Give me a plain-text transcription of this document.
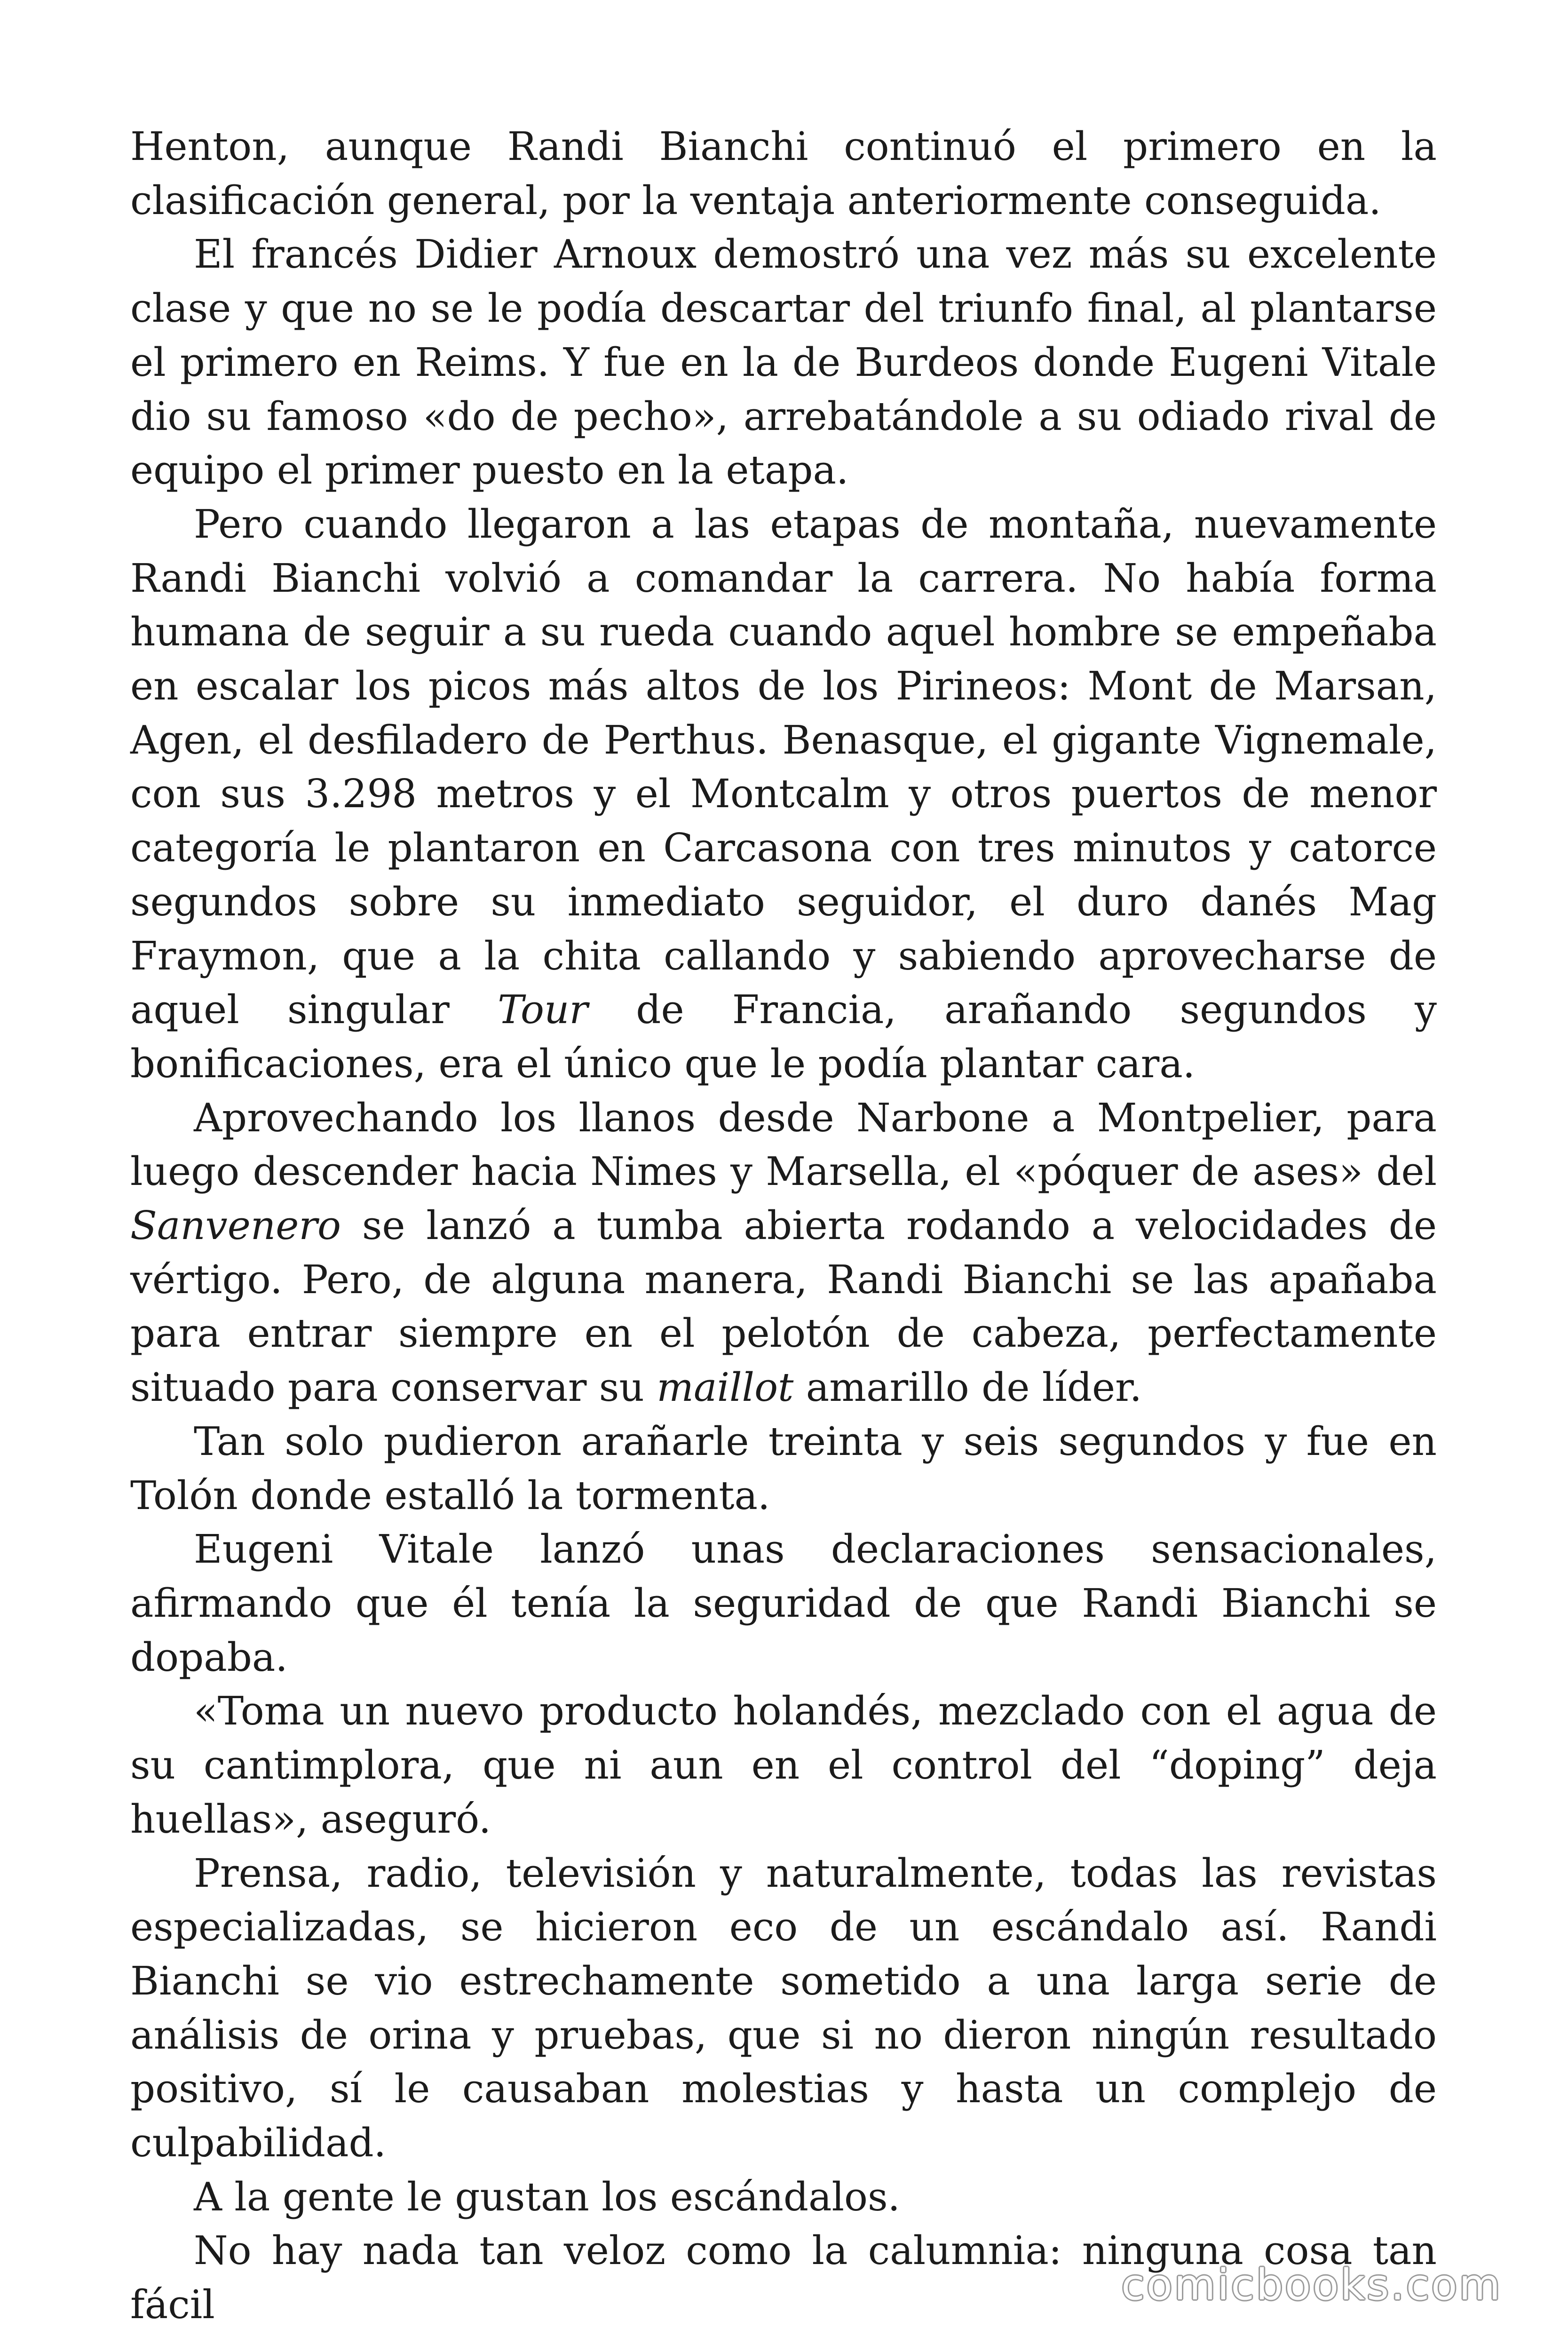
Henton, aunque Randi Bianchi continuó el primero en la clasificación general, por la ventaja anteriormente conseguida.

El francés Didier Arnoux demostró una vez más su excelente clase y que no se le podía descartar del triunfo final, al plantarse el primero en Reims. Y fue en la de Burdeos donde Eugeni Vitale dio su famoso «do de pecho», arrebatándole a su odiado rival de equipo el primer puesto en la etapa.

Pero cuando llegaron a las etapas de montaña, nuevamente Randi Bianchi volvió a comandar la carrera. No había forma humana de seguir a su rueda cuando aquel hombre se empeñaba en escalar los picos más altos de los Pirineos: Mont de Marsan, Agen, el desfiladero de Perthus. Benasque, el gigante Vignemale, con sus 3.298 metros y el Montcalm y otros puertos de menor categoría le plantaron en Carcasona con tres minutos y catorce segundos sobre su inmediato seguidor, el duro danés Mag Fraymon, que a la chita callando y sabiendo aprovecharse de aquel singular Tour de Francia, arañando segundos y bonificaciones, era el único que le podía plantar cara.

Aprovechando los llanos desde Narbone a Montpelier, para luego descender hacia Nimes y Marsella, el «póquer de ases» del Sanvenero se lanzó a tumba abierta rodando a velocidades de vértigo. Pero, de alguna manera, Randi Bianchi se las apañaba para entrar siempre en el pelotón de cabeza, perfectamente situado para conservar su maillot amarillo de líder.

Tan solo pudieron arañarle treinta y seis segundos y fue en Tolón donde estalló la tormenta.

Eugeni Vitale lanzó unas declaraciones sensacionales, afirmando que él tenía la seguridad de que Randi Bianchi se dopaba.

«Toma un nuevo producto holandés, mezclado con el agua de su cantimplora, que ni aun en el control del “doping” deja huellas», aseguró.

Prensa, radio, televisión y naturalmente, todas las revistas especializadas, se hicieron eco de un escándalo así. Randi Bianchi se vio estrechamente sometido a una larga serie de análisis de orina y pruebas, que si no dieron ningún resultado positivo, sí le causaban molestias y hasta un complejo de culpabilidad.

A la gente le gustan los escándalos.

No hay nada tan veloz como la calumnia: ninguna cosa tan fácil	comicbooks.com
